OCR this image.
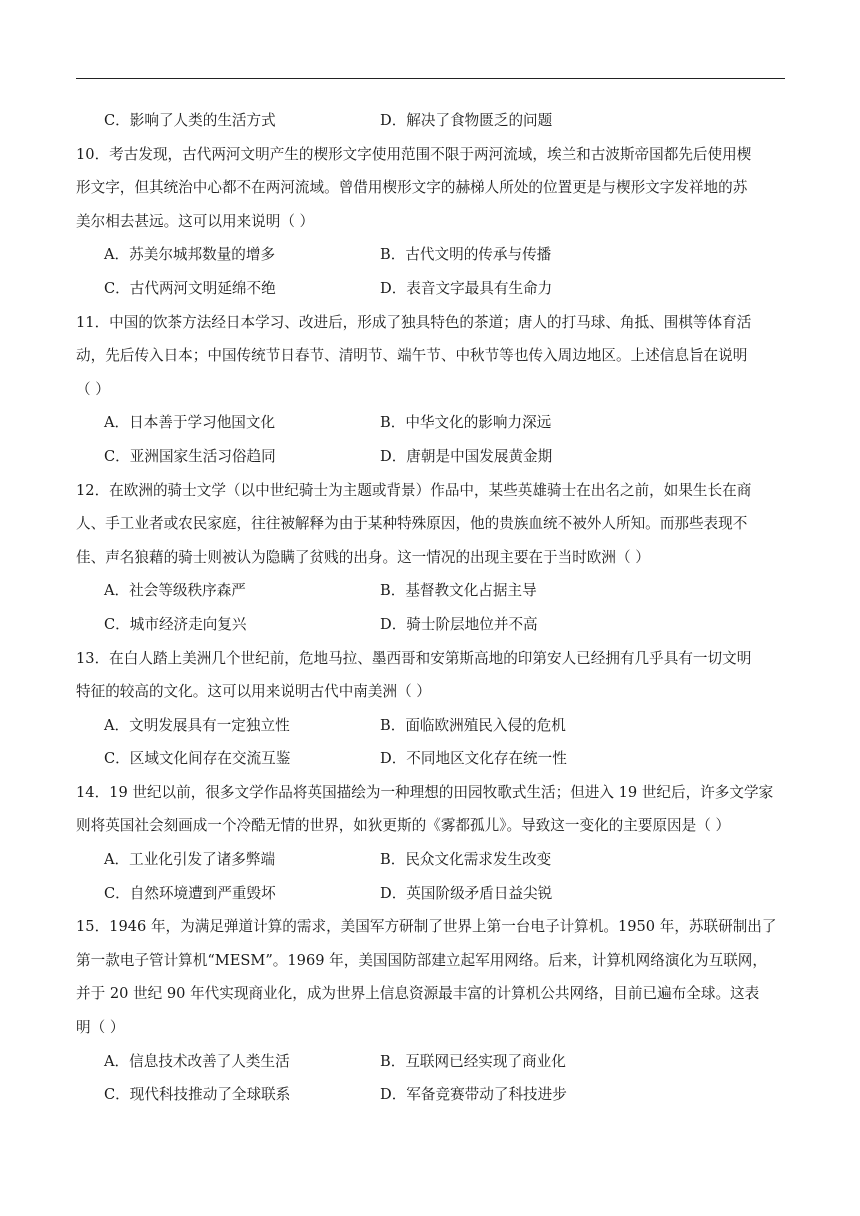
C．影响了人类的生活方式	D．解决了食物匮乏的问题
10．考古发现，古代两河文明产生的楔形文字使用范围不限于两河流域，埃兰和古波斯帝国都先后使用楔
形文字，但其统治中心都不在两河流域。曾借用楔形文字的赫梯人所处的位置更是与楔形文字发祥地的苏
美尔相去甚远。这可以用来说明（ ）
A．苏美尔城邦数量的增多	B．古代文明的传承与传播
C．古代两河文明延绵不绝	D．表音文字最具有生命力
11．中国的饮茶方法经日本学习、改进后，形成了独具特色的茶道；唐人的打马球、角抵、围棋等体育活
动，先后传入日本；中国传统节日春节、清明节、端午节、中秋节等也传入周边地区。上述信息旨在说明
（ ）
A．日本善于学习他国文化	B．中华文化的影响力深远
C．亚洲国家生活习俗趋同	D．唐朝是中国发展黄金期
12．在欧洲的骑士文学（以中世纪骑士为主题或背景）作品中，某些英雄骑士在出名之前，如果生长在商
人、手工业者或农民家庭，往往被解释为由于某种特殊原因，他的贵族血统不被外人所知。而那些表现不
佳、声名狼藉的骑士则被认为隐瞒了贫贱的出身。这一情况的出现主要在于当时欧洲（ ）
A．社会等级秩序森严	B．基督教文化占据主导
C．城市经济走向复兴	D．骑士阶层地位并不高
13．在白人踏上美洲几个世纪前，危地马拉、墨西哥和安第斯高地的印第安人已经拥有几乎具有一切文明
特征的较高的文化。这可以用来说明古代中南美洲（ ）
A．文明发展具有一定独立性	B．面临欧洲殖民入侵的危机
C．区域文化间存在交流互鉴	D．不同地区文化存在统一性
14．19 世纪以前，很多文学作品将英国描绘为一种理想的田园牧歌式生活；但进入 19 世纪后，许多文学家
则将英国社会刻画成一个冷酷无情的世界，如狄更斯的《雾都孤儿》。导致这一变化的主要原因是（ ）
A．工业化引发了诸多弊端	B．民众文化需求发生改变
C．自然环境遭到严重毁坏	D．英国阶级矛盾日益尖锐
15．1946 年，为满足弹道计算的需求，美国军方研制了世界上第一台电子计算机。1950 年，苏联研制出了
第一款电子管计算机“MESM”。1969 年，美国国防部建立起军用网络。后来，计算机网络演化为互联网，
并于 20 世纪 90 年代实现商业化，成为世界上信息资源最丰富的计算机公共网络，目前已遍布全球。这表
明（ ）
A．信息技术改善了人类生活	B．互联网已经实现了商业化
C．现代科技推动了全球联系	D．军备竞赛带动了科技进步
